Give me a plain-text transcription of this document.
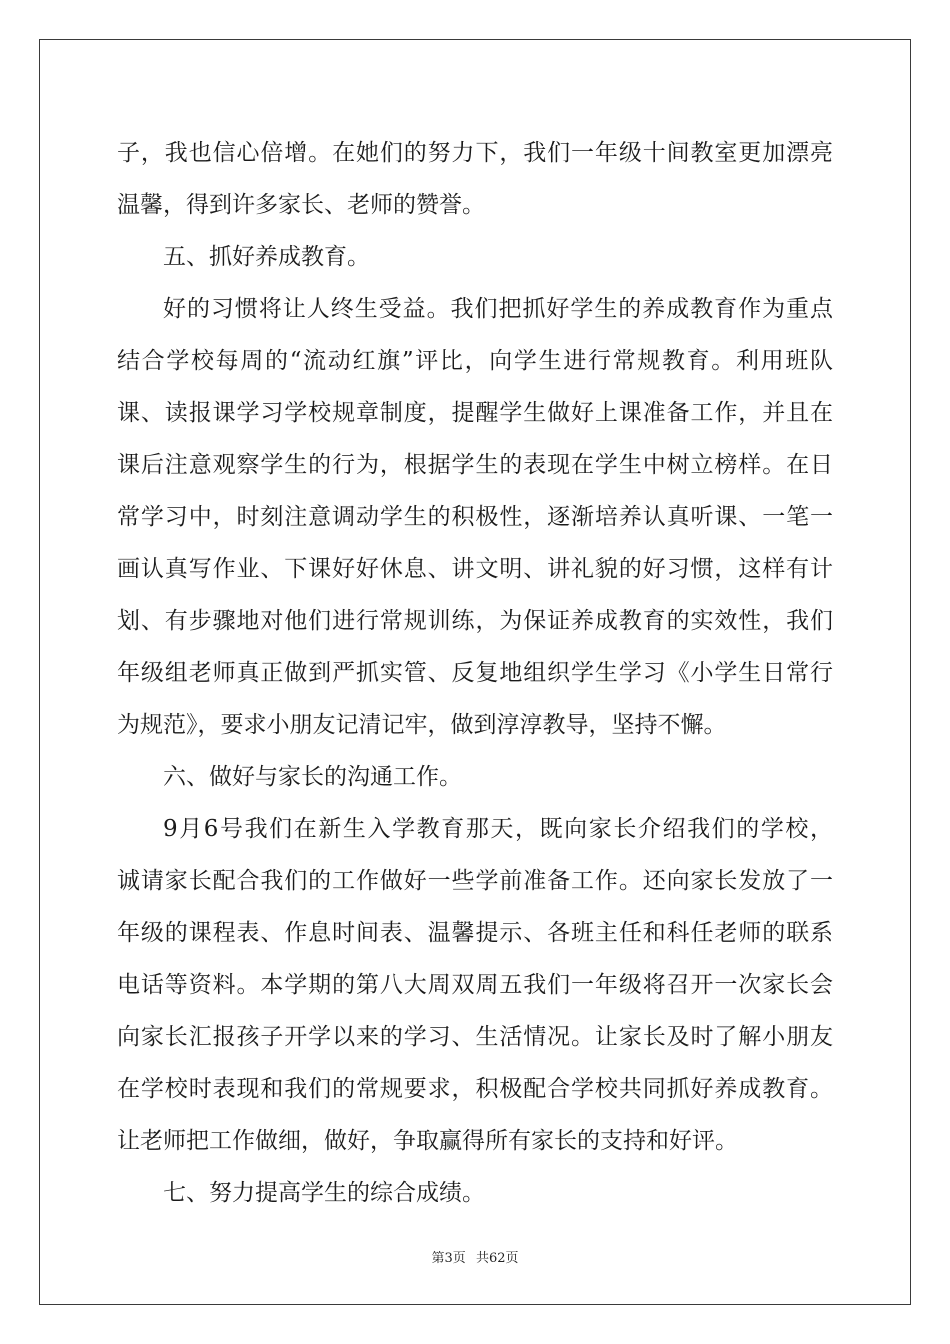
子，我也信心倍增。在她们的努力下，我们一年级十间教室更加漂亮
温馨，得到许多家长、老师的赞誉。
五、抓好养成教育。
好的习惯将让人终生受益。我们把抓好学生的养成教育作为重点
结合学校每周的“流动红旗”评比，向学生进行常规教育。利用班队
课、读报课学习学校规章制度，提醒学生做好上课准备工作，并且在
课后注意观察学生的行为，根据学生的表现在学生中树立榜样。在日
常学习中，时刻注意调动学生的积极性，逐渐培养认真听课、一笔一
画认真写作业、下课好好休息、讲文明、讲礼貌的好习惯，这样有计
划、有步骤地对他们进行常规训练，为保证养成教育的实效性，我们
年级组老师真正做到严抓实管、反复地组织学生学习《小学生日常行
为规范》，要求小朋友记清记牢，做到淳淳教导，坚持不懈。
六、做好与家长的沟通工作。
9月6号我们在新生入学教育那天，既向家长介绍我们的学校，
诚请家长配合我们的工作做好一些学前准备工作。还向家长发放了一
年级的课程表、作息时间表、温馨提示、各班主任和科任老师的联系
电话等资料。本学期的第八大周双周五我们一年级将召开一次家长会
向家长汇报孩子开学以来的学习、生活情况。让家长及时了解小朋友
在学校时表现和我们的常规要求，积极配合学校共同抓好养成教育。
让老师把工作做细，做好，争取赢得所有家长的支持和好评。
七、努力提高学生的综合成绩。
第3页 共62页
